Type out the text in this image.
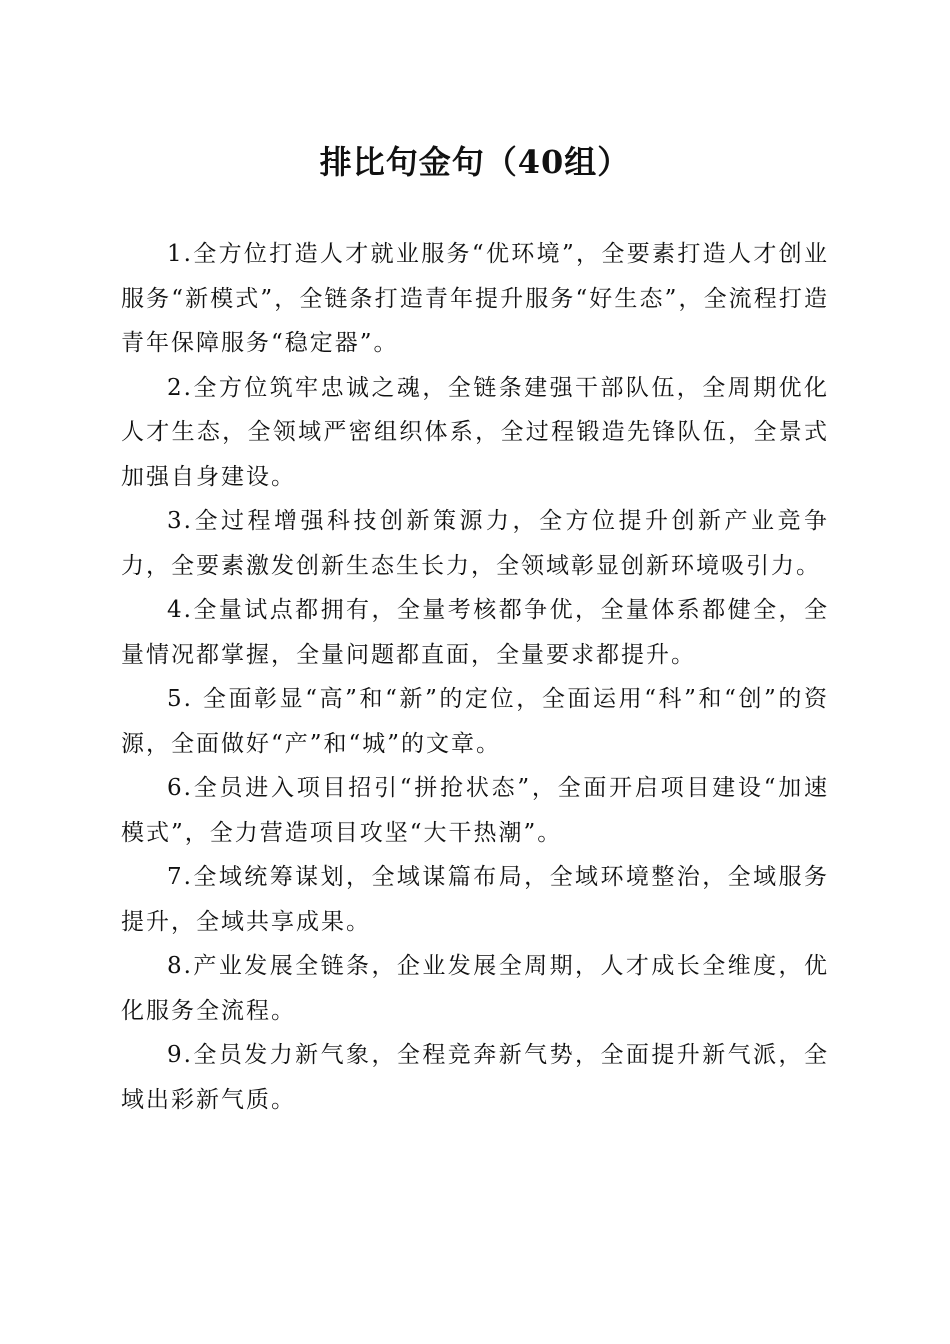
排比句金句（40组）

1.全方位打造人才就业服务“优环境”，全要素打造人才创业服务“新模式”，全链条打造青年提升服务“好生态”，全流程打造青年保障服务“稳定器”。

2.全方位筑牢忠诚之魂，全链条建强干部队伍，全周期优化人才生态，全领域严密组织体系，全过程锻造先锋队伍，全景式加强自身建设。

3.全过程增强科技创新策源力，全方位提升创新产业竞争力，全要素激发创新生态生长力，全领域彰显创新环境吸引力。

4.全量试点都拥有，全量考核都争优，全量体系都健全，全量情况都掌握，全量问题都直面，全量要求都提升。

5. 全面彰显“高”和“新”的定位，全面运用“科”和“创”的资源，全面做好“产”和“城”的文章。

6.全员进入项目招引“拼抢状态”，全面开启项目建设“加速模式”，全力营造项目攻坚“大干热潮”。

7.全域统筹谋划，全域谋篇布局，全域环境整治，全域服务提升，全域共享成果。

8.产业发展全链条，企业发展全周期，人才成长全维度，优化服务全流程。

9.全员发力新气象，全程竞奔新气势，全面提升新气派，全域出彩新气质。
